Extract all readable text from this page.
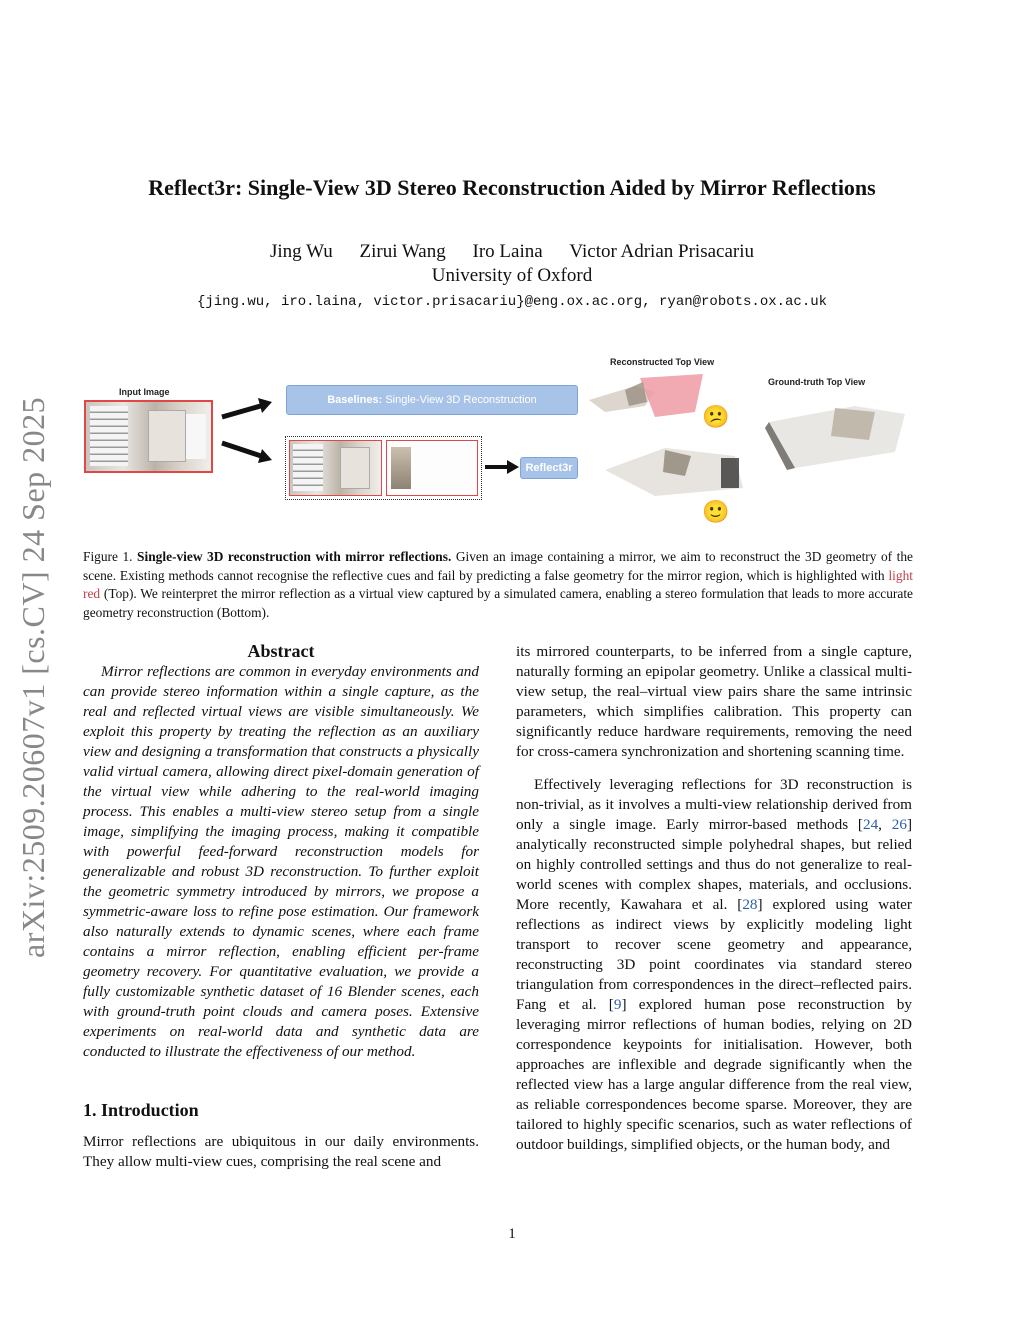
arXiv:2509.20607v1 [cs.CV] 24 Sep 2025
Reflect3r: Single-View 3D Stereo Reconstruction Aided by Mirror Reflections
Jing Wu Zirui Wang Iro Laina Victor Adrian Prisacariu
University of Oxford
{jing.wu, iro.laina, victor.prisacariu}@eng.ox.ac.org, ryan@robots.ox.ac.uk
Input Image
Baselines: Single-View 3D Reconstruction
Reflect3r
Reconstructed Top View
Ground-truth Top View
😕
🙂
Figure 1. Single-view 3D reconstruction with mirror reflections. Given an image containing a mirror, we aim to reconstruct the 3D geometry of the scene. Existing methods cannot recognise the reflective cues and fail by predicting a false geometry for the mirror region, which is highlighted with light red (Top). We reinterpret the mirror reflection as a virtual view captured by a simulated camera, enabling a stereo formulation that leads to more accurate geometry reconstruction (Bottom).
Abstract

Mirror reflections are common in everyday environments and can provide stereo information within a single capture, as the real and reflected virtual views are visible simultaneously. We exploit this property by treating the reflection as an auxiliary view and designing a transformation that constructs a physically valid virtual camera, allowing direct pixel-domain generation of the virtual view while adhering to the real-world imaging process. This enables a multi-view stereo setup from a single image, simplifying the imaging process, making it compatible with powerful feed-forward reconstruction models for generalizable and robust 3D reconstruction. To further exploit the geometric symmetry introduced by mirrors, we propose a symmetric-aware loss to refine pose estimation. Our framework also naturally extends to dynamic scenes, where each frame contains a mirror reflection, enabling efficient per-frame geometry recovery. For quantitative evaluation, we provide a fully customizable synthetic dataset of 16 Blender scenes, each with ground-truth point clouds and camera poses. Extensive experiments on real-world data and synthetic data are conducted to illustrate the effectiveness of our method.

1. Introduction

Mirror reflections are ubiquitous in our daily environments. They allow multi-view cues, comprising the real scene and

its mirrored counterparts, to be inferred from a single capture, naturally forming an epipolar geometry. Unlike a classical multi-view setup, the real–virtual view pairs share the same intrinsic parameters, which simplifies calibration. This property can significantly reduce hardware requirements, removing the need for cross-camera synchronization and shortening scanning time.

Effectively leveraging reflections for 3D reconstruction is non-trivial, as it involves a multi-view relationship derived from only a single image. Early mirror-based methods [24, 26] analytically reconstructed simple polyhedral shapes, but relied on highly controlled settings and thus do not generalize to real-world scenes with complex shapes, materials, and occlusions. More recently, Kawahara et al. [28] explored using water reflections as indirect views by explicitly modeling light transport to recover scene geometry and appearance, reconstructing 3D point coordinates via standard stereo triangulation from correspondences in the direct–reflected pairs. Fang et al. [9] explored human pose reconstruction by leveraging mirror reflections of human bodies, relying on 2D correspondence keypoints for initialisation. However, both approaches are inflexible and degrade significantly when the reflected view has a large angular difference from the real view, as reliable correspondences become sparse. Moreover, they are tailored to highly specific scenarios, such as water reflections of outdoor buildings, simplified objects, or the human body, and

1
